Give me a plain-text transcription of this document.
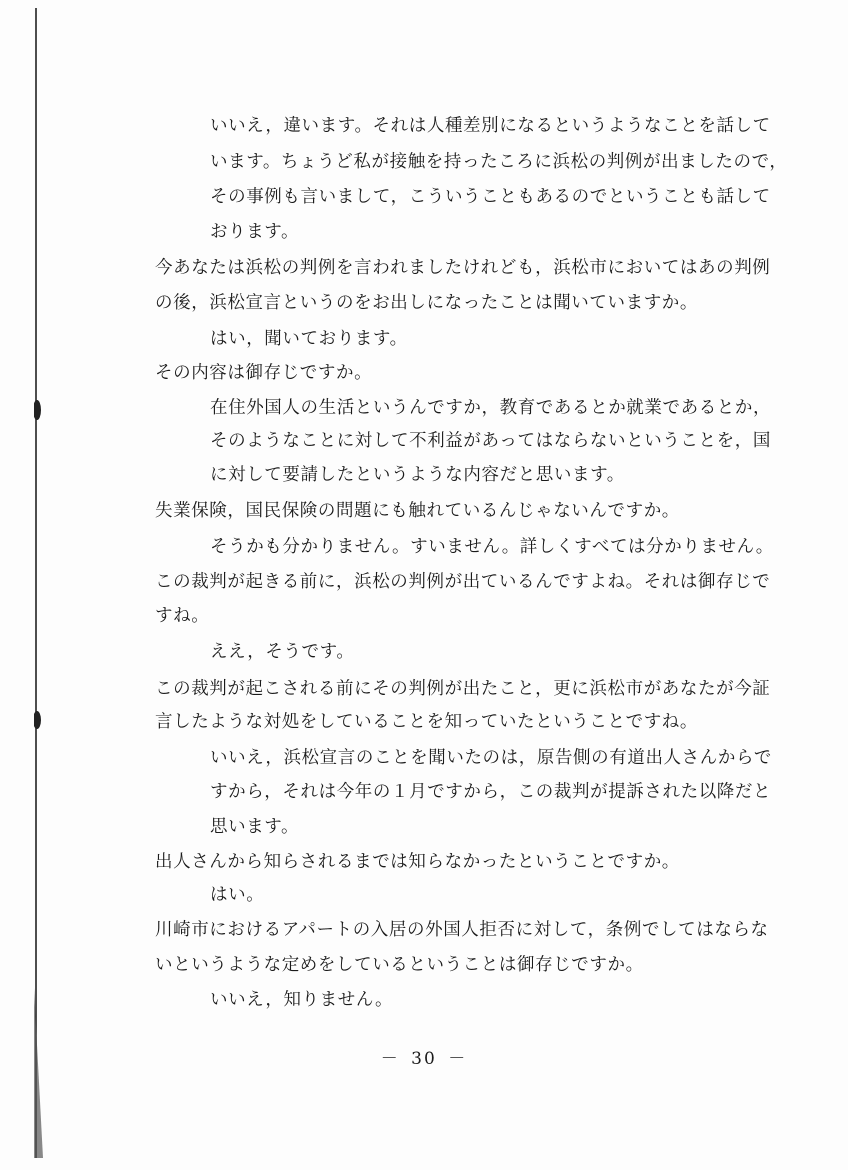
いいえ，違います。それは人種差別になるというようなことを話して
います。ちょうど私が接触を持ったころに浜松の判例が出ましたので，
その事例も言いまして，こういうこともあるのでということも話して
おります。
今あなたは浜松の判例を言われましたけれども，浜松市においてはあの判例
の後，浜松宣言というのをお出しになったことは聞いていますか。
はい，聞いております。
その内容は御存じですか。
在住外国人の生活というんですか，教育であるとか就業であるとか，
そのようなことに対して不利益があってはならないということを，国
に対して要請したというような内容だと思います。
失業保険，国民保険の問題にも触れているんじゃないんですか。
そうかも分かりません。すいません。詳しくすべては分かりません。
この裁判が起きる前に，浜松の判例が出ているんですよね。それは御存じで
すね。
ええ，そうです。
この裁判が起こされる前にその判例が出たこと，更に浜松市があなたが今証
言したような対処をしていることを知っていたということですね。
いいえ，浜松宣言のことを聞いたのは，原告側の有道出人さんからで
すから，それは今年の１月ですから，この裁判が提訴された以降だと
思います。
出人さんから知らされるまでは知らなかったということですか。
はい。
川崎市におけるアパートの入居の外国人拒否に対して，条例でしてはならな
いというような定めをしているということは御存じですか。
いいえ，知りません。
－ 30 －
